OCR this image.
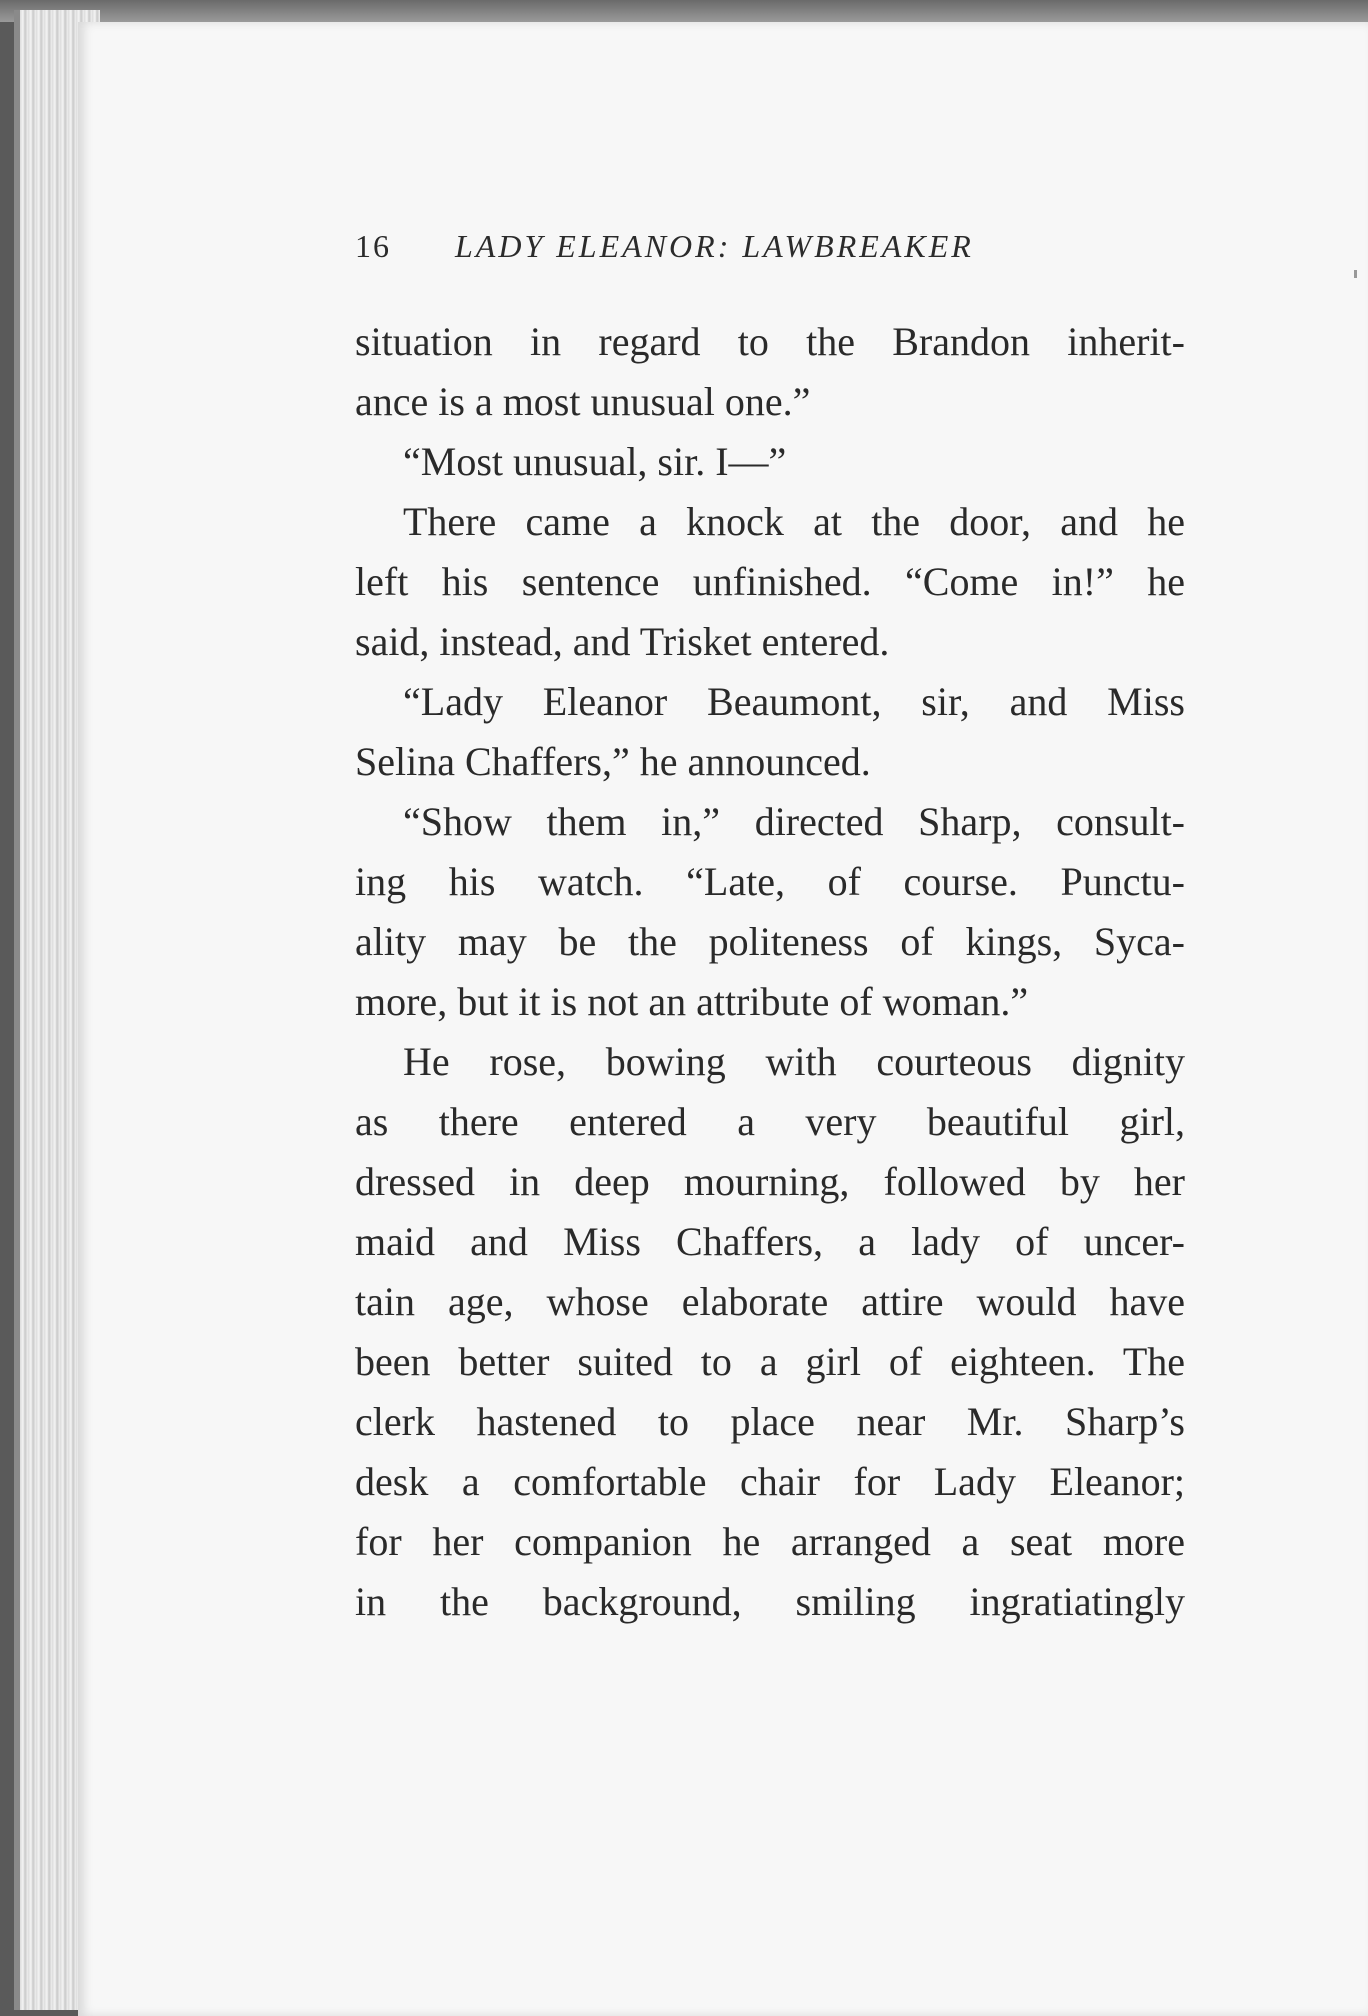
16 LADY ELEANOR: LAWBREAKER
situation in regard to the Brandon inherit-
ance is a most unusual one.”
“Most unusual, sir. I—”
There came a knock at the door, and he
left his sentence unfinished. “Come in!” he
said, instead, and Trisket entered.
“Lady Eleanor Beaumont, sir, and Miss
Selina Chaffers,” he announced.
“Show them in,” directed Sharp, consult-
ing his watch. “Late, of course. Punctu-
ality may be the politeness of kings, Syca-
more, but it is not an attribute of woman.”
He rose, bowing with courteous dignity
as there entered a very beautiful girl,
dressed in deep mourning, followed by her
maid and Miss Chaffers, a lady of uncer-
tain age, whose elaborate attire would have
been better suited to a girl of eighteen. The
clerk hastened to place near Mr. Sharp’s
desk a comfortable chair for Lady Eleanor;
for her companion he arranged a seat more
in the background, smiling ingratiatingly
